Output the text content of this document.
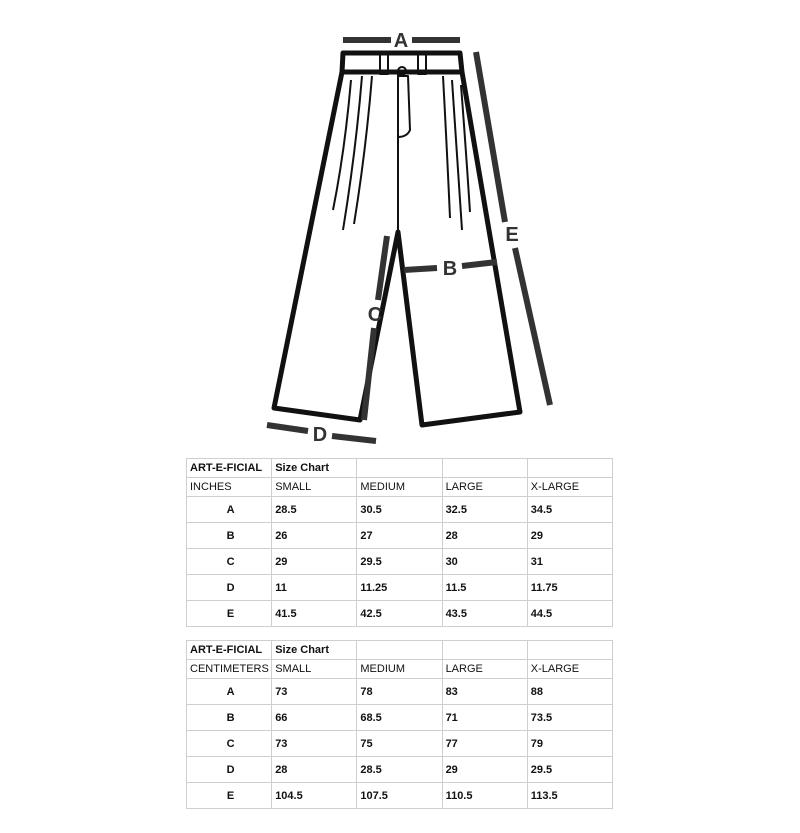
A
E
B
C
D
ART-E-FICIAL	Size Chart			
INCHES	SMALL	MEDIUM	LARGE	X-LARGE
A	28.5	30.5	32.5	34.5
B	26	27	28	29
C	29	29.5	30	31
D	11	11.25	11.5	11.75
E	41.5	42.5	43.5	44.5
ART-E-FICIAL	Size Chart			
CENTIMETERS	SMALL	MEDIUM	LARGE	X-LARGE
A	73	78	83	88
B	66	68.5	71	73.5
C	73	75	77	79
D	28	28.5	29	29.5
E	104.5	107.5	110.5	113.5
